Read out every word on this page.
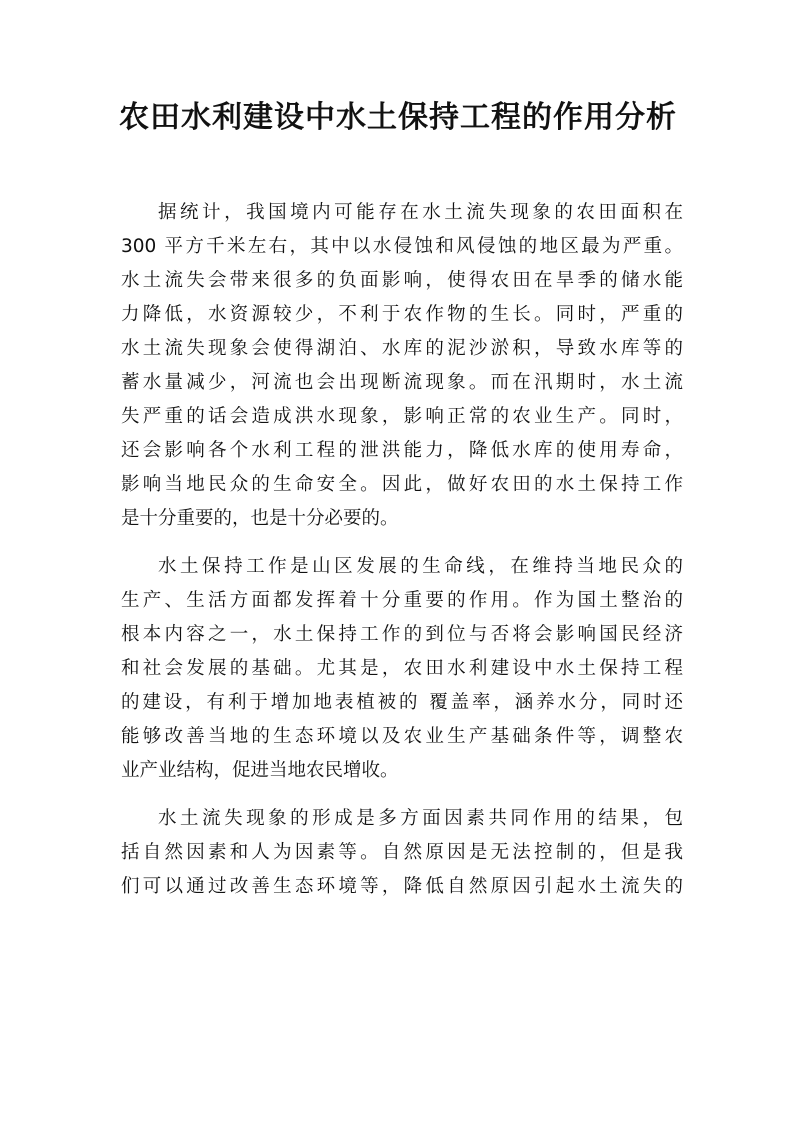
农田水利建设中水土保持工程的作用分析
据统计，我国境内可能存在水土流失现象的农田面积在
300 平方千米左右，其中以水侵蚀和风侵蚀的地区最为严重。
水土流失会带来很多的负面影响，使得农田在旱季的储水能
力降低，水资源较少，不利于农作物的生长。同时，严重的
水土流失现象会使得湖泊、水库的泥沙淤积，导致水库等的
蓄水量减少，河流也会出现断流现象。而在汛期时，水土流
失严重的话会造成洪水现象，影响正常的农业生产。同时，
还会影响各个水利工程的泄洪能力，降低水库的使用寿命，
影响当地民众的生命安全。因此，做好农田的水土保持工作
是十分重要的，也是十分必要的。
水土保持工作是山区发展的生命线，在维持当地民众的
生产、生活方面都发挥着十分重要的作用。作为国土整治的
根本内容之一，水土保持工作的到位与否将会影响国民经济
和社会发展的基础。尤其是，农田水利建设中水土保持工程
的建设，有利于增加地表植被的 覆盖率，涵养水分，同时还
能够改善当地的生态环境以及农业生产基础条件等，调整农
业产业结构，促进当地农民增收。
水土流失现象的形成是多方面因素共同作用的结果，包
括自然因素和人为因素等。自然原因是无法控制的，但是我
们可以通过改善生态环境等，降低自然原因引起水土流失的
